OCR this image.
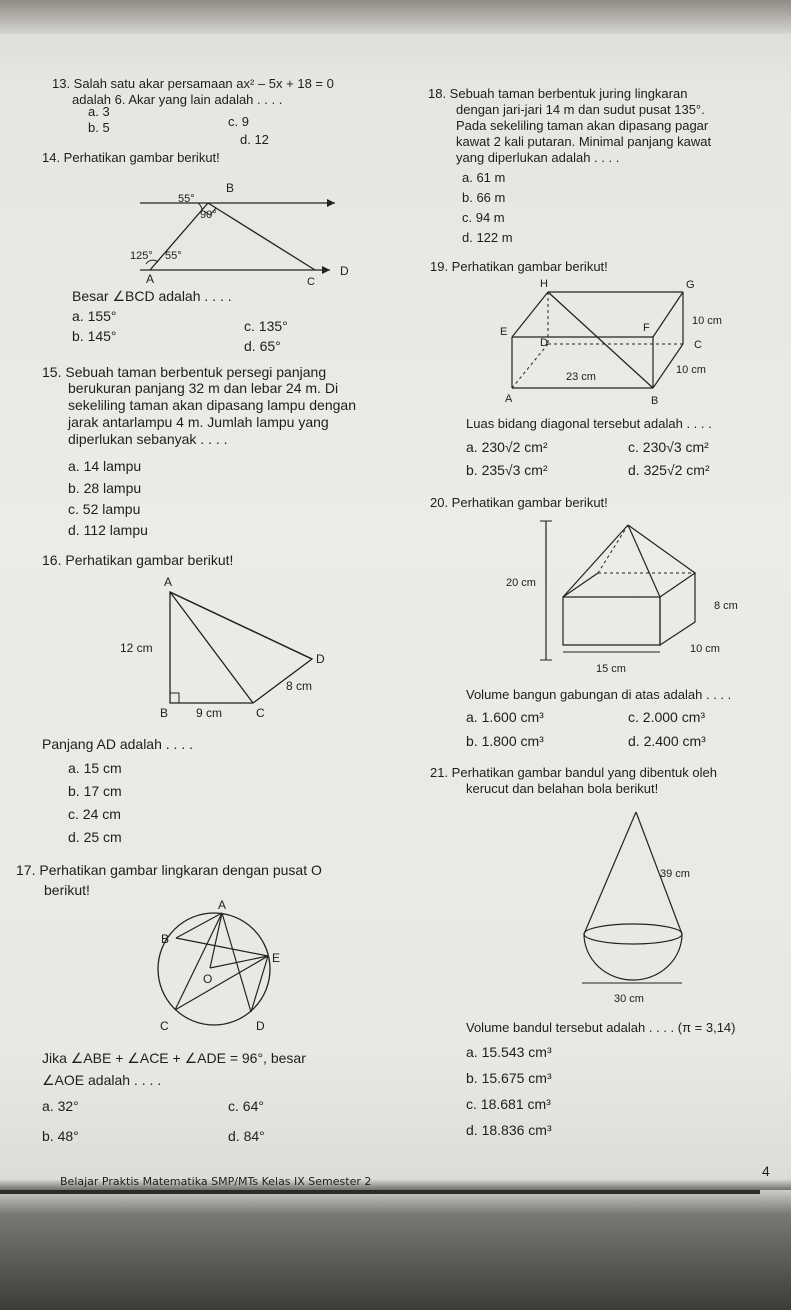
13. Salah satu akar persamaan ax² – 5x + 18 = 0
adalah 6. Akar yang lain adalah . . . .
a. 3
b. 5	c. 9
d. 12
14. Perhatikan gambar berikut!
B
55°
90°
125° 55°
A	C
D
Besar ∠BCD adalah . . . .
a. 155°
b. 145°
c. 135°
d. 65°
15. Sebuah taman berbentuk persegi panjang
berukuran panjang 32 m dan lebar 24 m. Di
sekeliling taman akan dipasang lampu dengan
jarak antarlampu 4 m. Jumlah lampu yang
diperlukan sebanyak . . . .
a. 14 lampu
b. 28 lampu
c. 52 lampu
d. 112 lampu
16. Perhatikan gambar berikut!
A
12 cm
D
8 cm
B 9 cm	C
Panjang AD adalah . . . .
a. 15 cm
b. 17 cm
c. 24 cm
d. 25 cm
17. Perhatikan gambar lingkaran dengan pusat O
berikut!
A
B
E
O
C	D
Jika ∠ABE + ∠ACE + ∠ADE = 96°, besar
∠AOE adalah . . . .
a. 32°
b. 48°
c. 64°
d. 84°
18. Sebuah taman berbentuk juring lingkaran
dengan jari-jari 14 m dan sudut pusat 135°.
Pada sekeliling taman akan dipasang pagar
kawat 2 kali putaran. Minimal panjang kawat
yang diperlukan adalah . . . .
a. 61 m
b. 66 m
c. 94 m
d. 122 m
19. Perhatikan gambar berikut!
H	G
E	F
D	C
10 cm
10 cm
23 cm
A	B
Luas bidang diagonal tersebut adalah . . . .
a. 230√2 cm²
b. 235√3 cm²
c. 230√3 cm²
d. 325√2 cm²
20. Perhatikan gambar berikut!
20 cm
8 cm
10 cm
15 cm
Volume bangun gabungan di atas adalah . . . .
a. 1.600 cm³
b. 1.800 cm³
c. 2.000 cm³
d. 2.400 cm³
21. Perhatikan gambar bandul yang dibentuk oleh
kerucut dan belahan bola berikut!
39 cm
30 cm
Volume bandul tersebut adalah . . . . (π = 3,14)
a. 15.543 cm³
b. 15.675 cm³
c. 18.681 cm³
d. 18.836 cm³
Belajar Praktis Matematika SMP/MTs Kelas IX Semester 2
4
